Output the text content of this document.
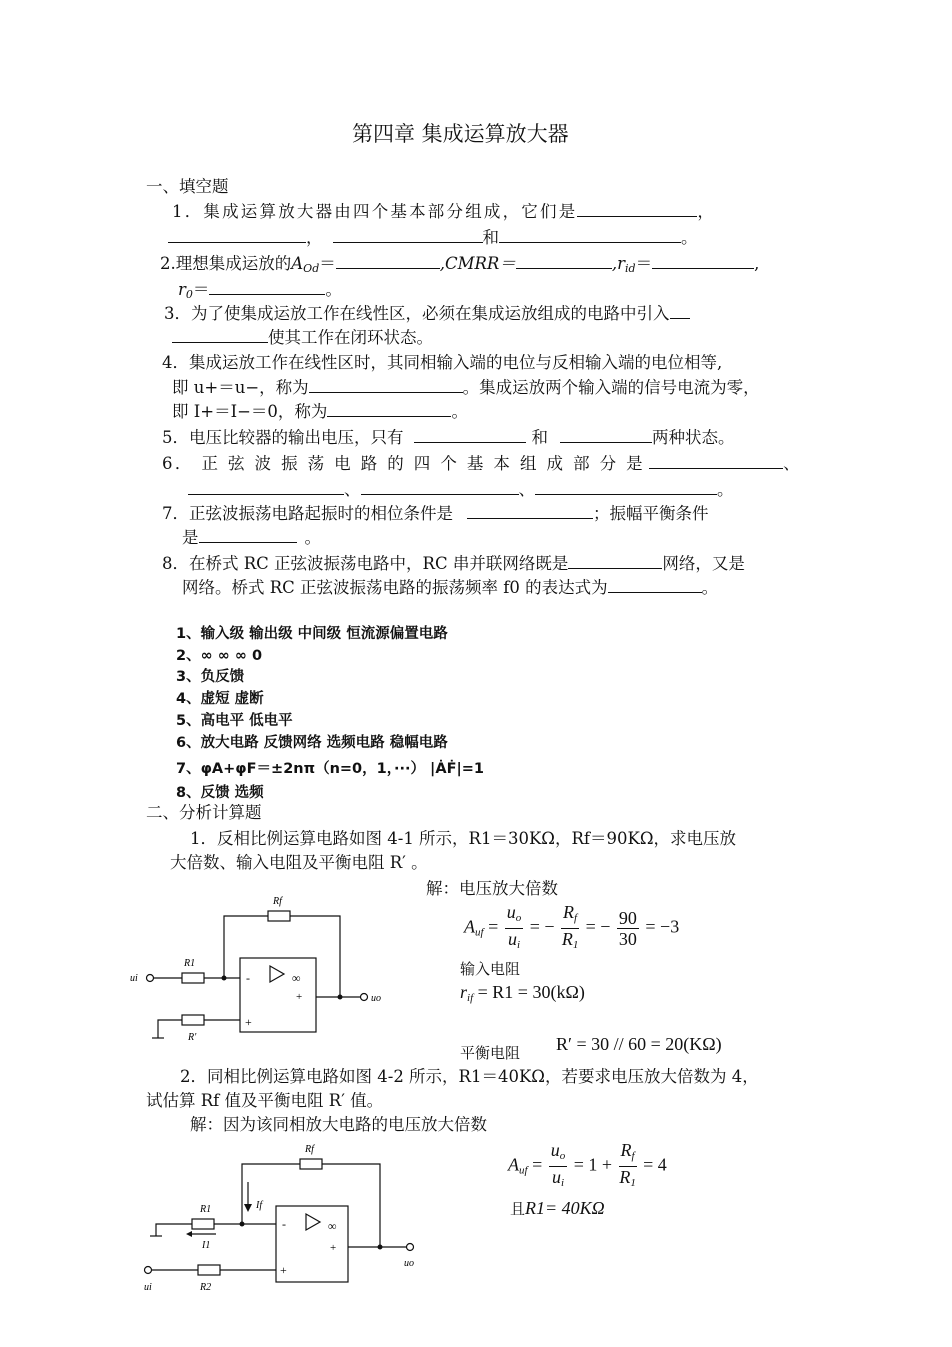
第四章 集成运算放大器
一、填空题
1．集成运算放大器由四个基本部分组成，它们是	，
，	和	。
2.理想集成运放的$A_{Od}=$	,CMRR＝	$,r_{id}=$	,
$r_0=$	。
3．为了使集成运放工作在线性区，必须在集成运放组成的电路中引入
使其工作在闭环状态。
4．集成运放工作在线性区时，其同相输入端的电位与反相输入端的电位相等,
即 u+＝u−，称为	。集成运放两个输入端的信号电流为零，
即 I+＝I−＝0，称为	。
5．电压比较器的输出电压，只有	和	两种状态。
6． 正 弦 波 振 荡 电 路 的 四 个 基 本 组 成 部 分 是	、
、	、	。
7．正弦波振荡电路起振时的相位条件是	；振幅平衡条件
是	。
8．在桥式 RC 正弦波振荡电路中，RC 串并联网络既是	网络，又是
网络。桥式 RC 正弦波振荡电路的振荡频率 f0 的表达式为	。
1、输入级 输出级 中间级 恒流源偏置电路
2、∞ ∞ ∞ 0
3、负反馈
4、虚短 虚断
5、高电平 低电平
6、放大电路 反馈网络 选频电路 稳幅电路
7、φA+φF＝±2nπ（n=0，1，···） |ȦḞ|=1
8、反馈 选频
二、分析计算题
1．反相比例运算电路如图 4-1 所示，R1＝30KΩ，Rf＝90KΩ，求电压放
大倍数、输入电阻及平衡电阻 R′ 。
解：电压放大倍数
$A_{uf} = \frac{u_o}{u_i}$ = − $\frac{R_f}{R_1}$ = − $\frac{90}{30} = -3$
输入电阻
$r_{if} = R1 = 30(k\Omega)$
平衡电阻 R′ = 30 // 60 = 20(KΩ)
Rf
R1
R'
ui
uo
-
+
+
∞
2．同相比例运算电路如图 4-2 所示，R1＝40KΩ，若要求电压放大倍数为 4，
试估算 Rf 值及平衡电阻 R′ 值。
解：因为该同相放大电路的电压放大倍数
$A_{uf} = \frac{u_o}{u_i} = 1 + \frac{R_f}{R_1} = 4$
且R1= 40KΩ
Rf
If
R1
I1
R2
ui
uo
-
+
+
∞
